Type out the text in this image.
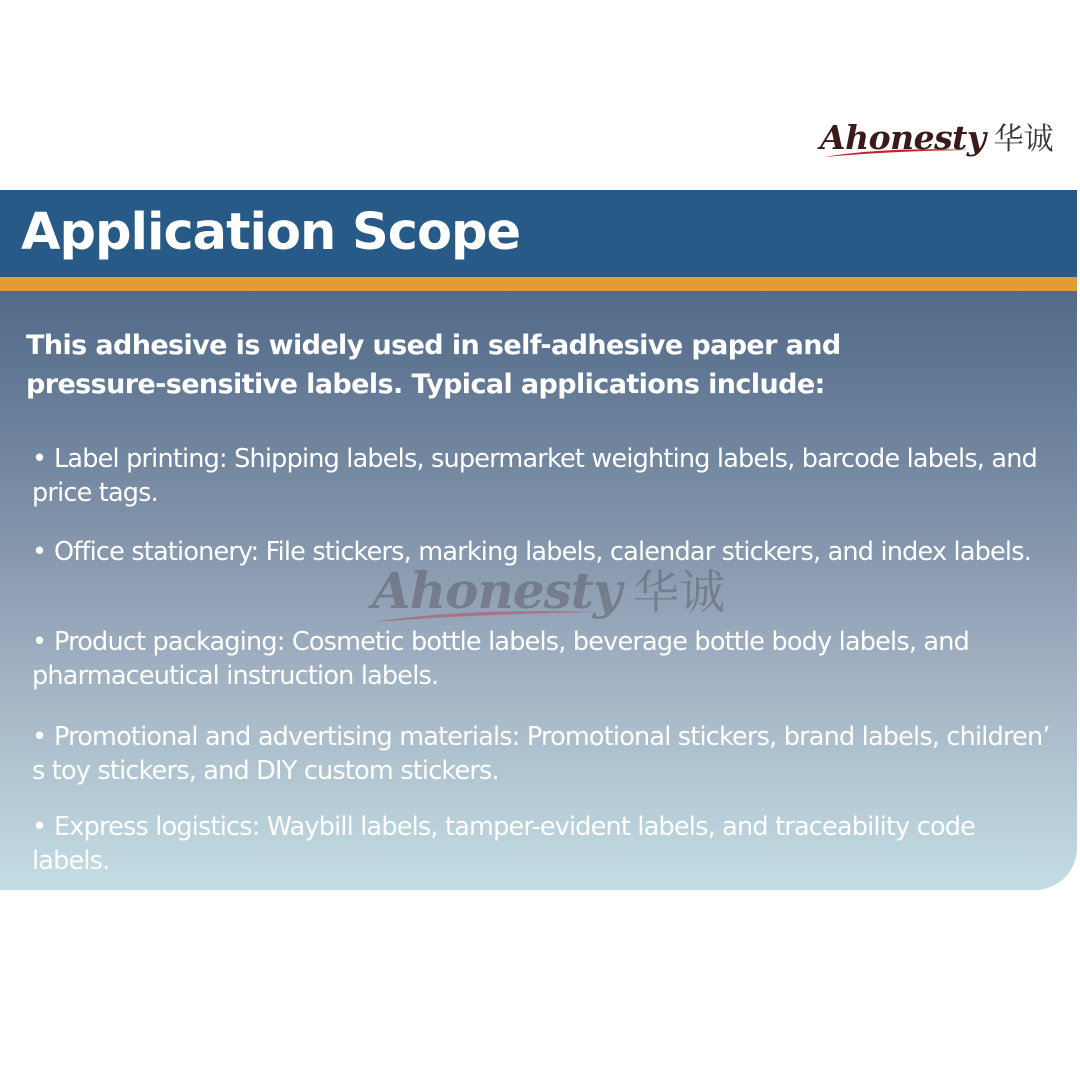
Ahonesty 华诚
Application Scope

This adhesive is widely used in self-adhesive paper and pressure-sensitive labels. Typical applications include:

• Label printing: Shipping labels, supermarket weighting labels, barcode labels, and price tags.
• Office stationery: File stickers, marking labels, calendar stickers, and index labels.
• Product packaging: Cosmetic bottle labels, beverage bottle body labels, and pharmaceutical instruction labels.
• Promotional and advertising materials: Promotional stickers, brand labels, children’ s toy stickers, and DIY custom stickers.
• Express logistics: Waybill labels, tamper-evident labels, and traceability code labels.
Ahonesty 华诚
